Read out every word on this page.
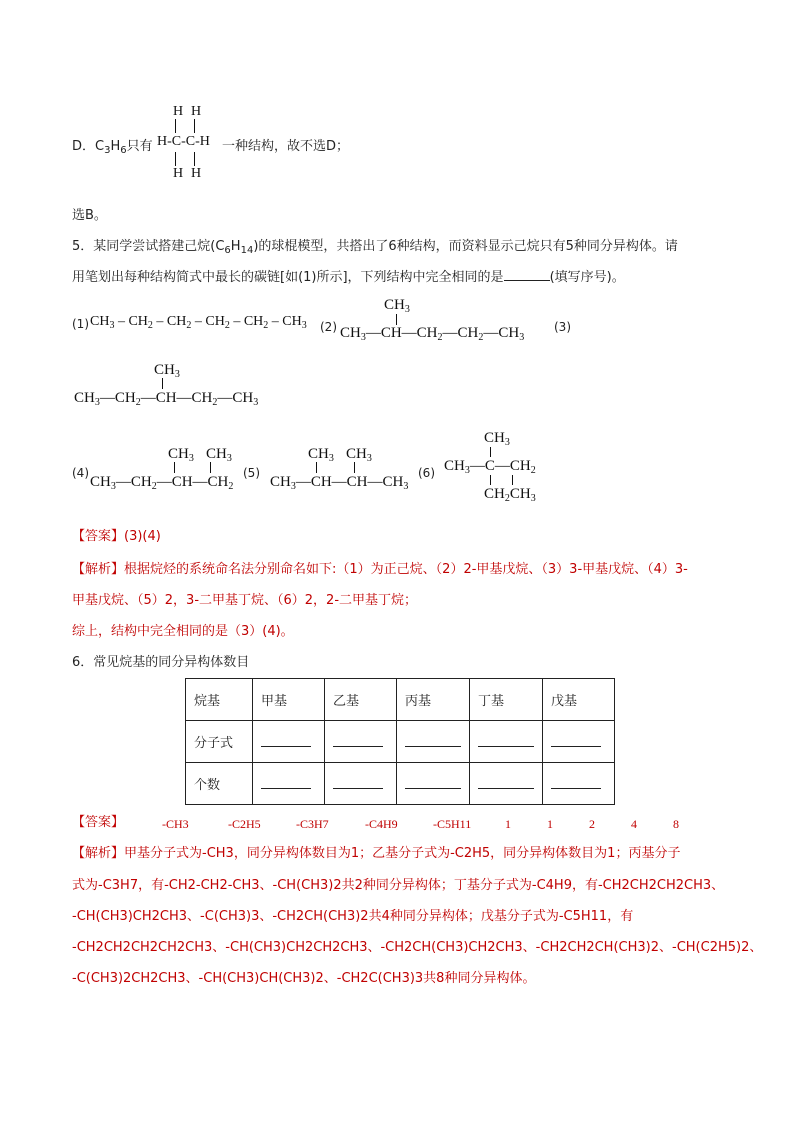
D．$C_3H_6$只有
H H
H-C-C-H
H H
一种结构，故不选D；
选B。
5．某同学尝试搭建己烷$(C_6H_{14})$的球棍模型，共搭出了6种结构，而资料显示己烷只有5种同分异构体。请
用笔划出每种结构简式中最长的碳链[如(1)所示]，下列结构中完全相同的是	(填写序号)。
(1) $CH_3 - CH_2 - CH_2 - CH_2 - CH_2 - CH_3$ (2)
$CH_3$
$CH_3—CH—CH_2—CH_2—CH_3$
(3)
$CH_3$
$CH_3—CH_2—CH—CH_2—CH_3$
(4)
$CH_3$ $CH_3$
$CH_3—CH_2—CH—CH_2$
(5)
$CH_3$ $CH_3$
$CH_3—CH—CH—CH_3$
(6)
$CH_3$
$CH_3—C—CH_2$
$CH_2CH_3$
【答案】(3)(4)
【解析】根据烷烃的系统命名法分别命名如下:（1）为正己烷、（2）2-甲基戊烷、（3）3-甲基戊烷、（4）3-
甲基戊烷、（5）2，3-二甲基丁烷、（6）2，2-二甲基丁烷；
综上，结构中完全相同的是（3）(4)。
6．常见烷基的同分异构体数目
烷基	甲基	乙基	丙基	丁基	戊基
分子式					
个数					
【答案】	-CH3	-C2H5	-C3H7	-C4H9	-C5H11	1	1	2	4	8
【解析】甲基分子式为-CH3，同分异构体数目为1；乙基分子式为-C2H5，同分异构体数目为1；丙基分子
式为-C3H7，有-CH2-CH2-CH3、-CH(CH3)2共2种同分异构体；丁基分子式为-C4H9，有-CH2CH2CH2CH3、
-CH(CH3)CH2CH3、-C(CH3)3、-CH2CH(CH3)2共4种同分异构体；戊基分子式为-C5H11，有
-CH2CH2CH2CH2CH3、-CH(CH3)CH2CH2CH3、-CH2CH(CH3)CH2CH3、-CH2CH2CH(CH3)2、-CH(C2H5)2、
-C(CH3)2CH2CH3、-CH(CH3)CH(CH3)2、-CH2C(CH3)3共8种同分异构体。
